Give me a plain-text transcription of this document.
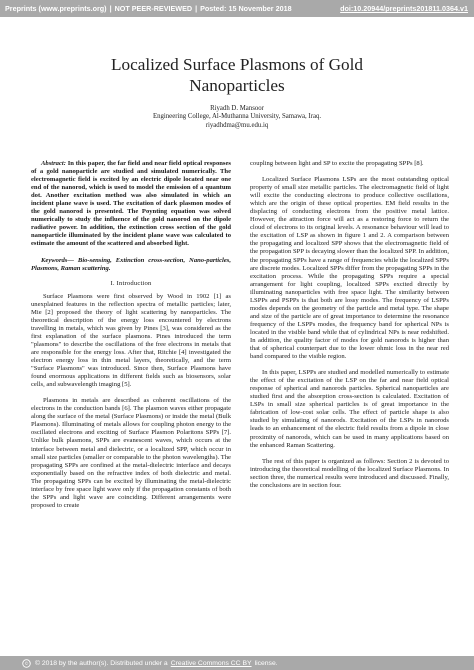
Preprints (www.preprints.org) | NOT PEER-REVIEWED | Posted: 15 November 2018	doi:10.20944/preprints201811.0364.v1
Localized Surface Plasmons of Gold
Nanoparticles
Riyadh D. Mansoor
Engineering College, Al-Muthanna University, Samawa, Iraq.
riyadhdma@mu.edu.iq

Abstract: In this paper, the far field and near field optical responses of a gold nanoparticle are studied and simulated numerically. The electromagnetic field is excited by an electric dipole located near one end of the nanorod, which is used to model the emission of a quantum dot. Another excitation method was also simulated in which an incident plane wave is used. The excitation of dark plasmon modes of the gold nanorod is presented. The Poynting equation was solved numerically to study the influence of the gold nanorod on the dipole radiative power. In addition, the extinction cross section of the gold nanoparticle illuminated by the incident plane wave was calculated to estimate the amount of the scattered and absorbed light.

Keywords— Bio-sensing, Extinction cross-section, Nano-particles, Plasmons, Raman scattering.

I. Introduction

Surface Plasmons were first observed by Wood in 1902 [1] as unexplained features in the reflection spectra of metallic particles; later, Mie [2] proposed the theory of light scattering by nanoparticles. The theoretical description of the energy loss encountered by electrons travelling in metals, which was given by Pines [3], was considered as the first explanation of the surface plasmons. Pines introduced the term "plasmons" to describe the oscillations of the free electrons in metals that are responsible for the energy loss. After that, Ritchie [4] investigated the electron energy loss in thin metal layers, theoretically, and the term "Surface Plasmons" was introduced. Since then, Surface Plasmons have found enormous applications in different fields such as biosensors, solar cells, and subwavelength imaging [5].

Plasmons in metals are described as coherent oscillations of the electrons in the conduction bands [6]. The plasmon waves either propagate along the surface of the metal (Surface Plasmons) or inside the metal (Bulk Plasmons). Illuminating of metals allows for coupling photon energy to the oscillated electrons and exciting of Surface Plasmon Polaritons SPPs [7]. Unlike bulk plasmons, SPPs are evanescent waves, which occurs at the interface between metal and dielectric, or a localized SPP, which occur in small size particles (smaller or comparable to the photon wavelengths). The propagating SPPs are confined at the metal-dielectric interface and decays exponentially based on the refractive index of both dielectric and metal. The propagating SPPs can be excited by illuminating the metal-dielectric interface by free space light wave only if the propagation constants of both the SPPs and light wave are coinciding. Different arrangements were proposed to create

coupling between light and SP to excite the propagating SPPs [8].

Localized Surface Plasmons LSPs are the most outstanding optical property of small size metallic particles. The electromagnetic field of light will excite the conducting electrons to produce collective oscillations, which are the origin of these optical properties. EM field results in the displacing of conducting electrons from the positive metal lattice. However, the attraction force will act as a restoring force to return the cloud of electrons to its original levels. A resonance behaviour will lead to the excitation of LSP as shown in figure 1 and 2. A comparison between the propagating and localized SPP shows that the electromagnetic field of the propagation SPP is decaying slower than the localized SPP. In addition, the propagating SPPs have a range of frequencies while the localized SPPs are discrete modes. Localized SPPs differ from the propagating SPPs in the excitation process. While the propagating SPPs require a special arrangement for light coupling, localized SPPs excited directly by illuminating nanoparticles with free space light. The similarity between LSPPs and PSPPs is that both are lossy modes. The frequency of LSPPs modes depends on the geometry of the particle and metal type. The shape and size of the particle are of great importance to determine the resonance frequency of the LSPPs modes, the frequency band for spherical NPs is located in the visible band while that of cylindrical NPs is near redshifted. In addition, the quality factor of modes for gold nanorods is higher than that of spherical counterpart due to the lower ohmic loss in the near red band compared to the visible region.

In this paper, LSPPs are studied and modelled numerically to estimate the effect of the excitation of the LSP on the far and near field optical response of spherical and nanorods particles. Spherical nanoparticles are studied first and the absorption cross-section is calculated. Excitation of LSPs in small size spherical particles is of great importance in the fabrication of low-cost solar cells. The effect of particle shape is also studied by simulating of nanorods. Excitation of the LSPs in nanorods leads to an enhancement of the electric field results from a dipole in close proximity of nanorods, which can be used in many applications based on the enhanced Raman Scattering.

The rest of this paper is organized as follows: Section 2 is devoted to introducing the theoretical modelling of the localized Surface Plasmons. In section three, the numerical results were introduced and discussed. Finally, the conclusions are in section four.

© © 2018 by the author(s). Distributed under a Creative Commons CC BY license.
